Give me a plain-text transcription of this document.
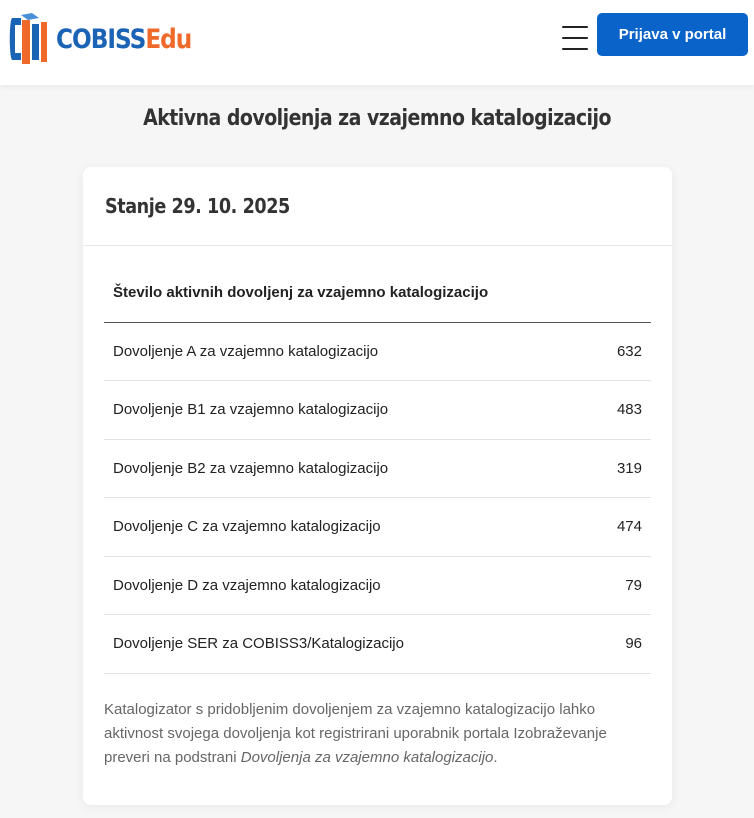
COBISSEdu	Prijava v portal
Aktivna dovoljenja za vzajemno katalogizacijo
Stanje 29. 10. 2025
Število aktivnih dovoljenj za vzajemno katalogizacijo	
Dovoljenje A za vzajemno katalogizacijo	632
Dovoljenje B1 za vzajemno katalogizacijo	483
Dovoljenje B2 za vzajemno katalogizacijo	319
Dovoljenje C za vzajemno katalogizacijo	474
Dovoljenje D za vzajemno katalogizacijo	79
Dovoljenje SER za COBISS3/Katalogizacijo	96

Katalogizator s pridobljenim dovoljenjem za vzajemno katalogizacijo lahko aktivnost svojega dovoljenja kot registrirani uporabnik portala Izobraževanje preveri na podstrani Dovoljenja za vzajemno katalogizacijo.
